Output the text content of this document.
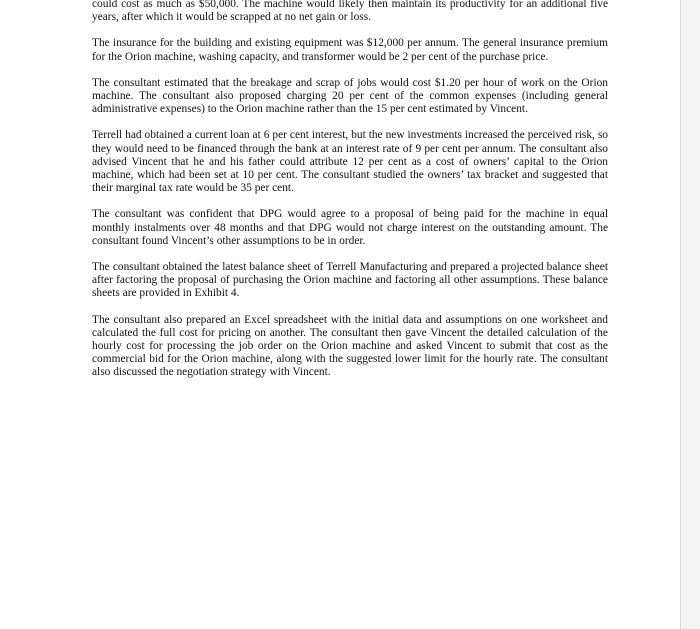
could cost as much as $50,000. The machine would likely then maintain its productivity for an additional five years, after which it would be scrapped at no net gain or loss.

The insurance for the building and existing equipment was $12,000 per annum. The general insurance premium for the Orion machine, washing capacity, and transformer would be 2 per cent of the purchase price.

The consultant estimated that the breakage and scrap of jobs would cost $1.20 per hour of work on the Orion machine. The consultant also proposed charging 20 per cent of the common expenses (including general administrative expenses) to the Orion machine rather than the 15 per cent estimated by Vincent.

Terrell had obtained a current loan at 6 per cent interest, but the new investments increased the perceived risk, so they would need to be financed through the bank at an interest rate of 9 per cent per annum. The consultant also advised Vincent that he and his father could attribute 12 per cent as a cost of owners’ capital to the Orion machine, which had been set at 10 per cent. The consultant studied the owners’ tax bracket and suggested that their marginal tax rate would be 35 per cent.

The consultant was confident that DPG would agree to a proposal of being paid for the machine in equal monthly instalments over 48 months and that DPG would not charge interest on the outstanding amount. The consultant found Vincent’s other assumptions to be in order.

The consultant obtained the latest balance sheet of Terrell Manufacturing and prepared a projected balance sheet after factoring the proposal of purchasing the Orion machine and factoring all other assumptions. These balance sheets are provided in Exhibit 4.

The consultant also prepared an Excel spreadsheet with the initial data and assumptions on one worksheet and calculated the full cost for pricing on another. The consultant then gave Vincent the detailed calculation of the hourly cost for processing the job order on the Orion machine and asked Vincent to submit that cost as the commercial bid for the Orion machine, along with the suggested lower limit for the hourly rate. The consultant also discussed the negotiation strategy with Vincent.
